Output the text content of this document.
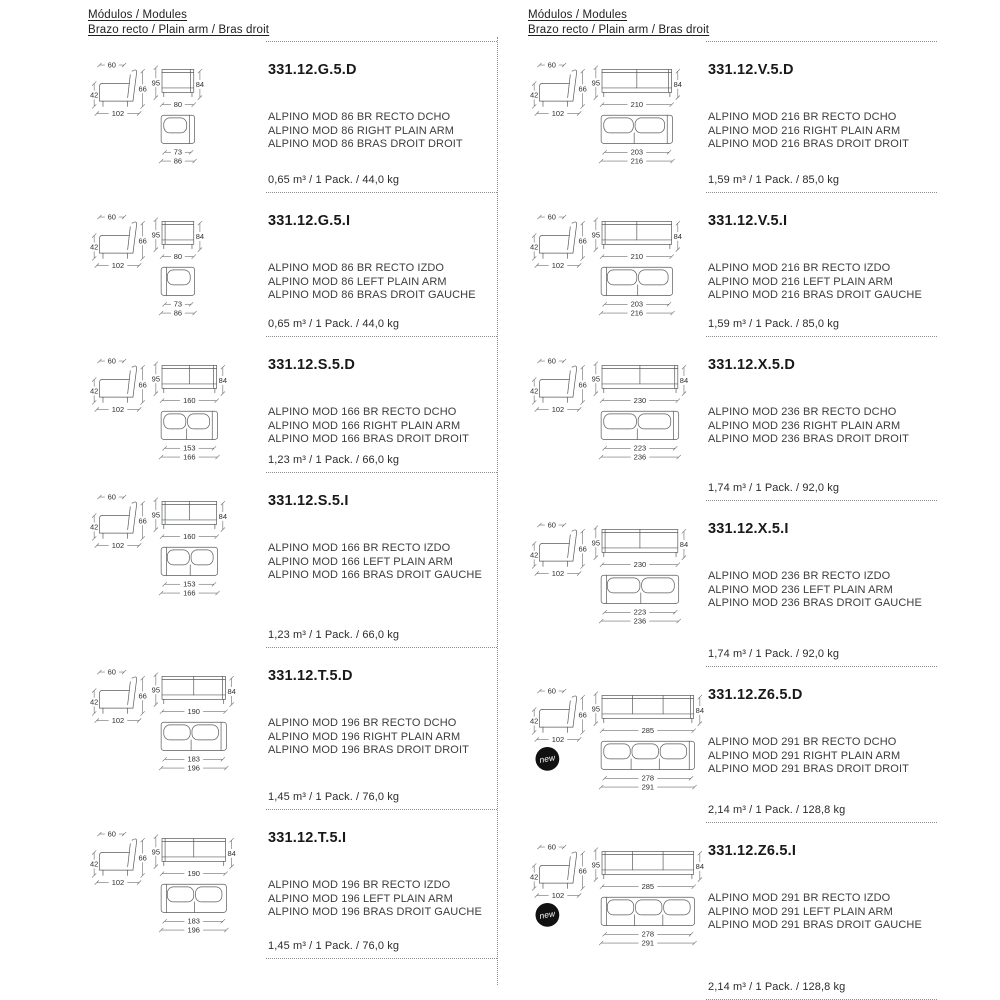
Módulos / Modules
Brazo recto / Plain arm / Bras droit
60
42
66
102
95	84
80
73
86
331.12.G.5.D
ALPINO MOD 86 BR RECTO DCHO
ALPINO MOD 86 RIGHT PLAIN ARM
ALPINO MOD 86 BRAS DROIT DROIT
0,65 m³ / 1 Pack. / 44,0 kg
60
42
66
102
95	84
80
73
86
331.12.G.5.I
ALPINO MOD 86 BR RECTO IZDO
ALPINO MOD 86 LEFT PLAIN ARM
ALPINO MOD 86 BRAS DROIT GAUCHE
0,65 m³ / 1 Pack. / 44,0 kg
60
42
66
102
95	84
160
153
166
331.12.S.5.D
ALPINO MOD 166 BR RECTO DCHO
ALPINO MOD 166 RIGHT PLAIN ARM
ALPINO MOD 166 BRAS DROIT DROIT
1,23 m³ / 1 Pack. / 66,0 kg
60
42
66
102
95	84
160
153
166
331.12.S.5.I
ALPINO MOD 166 BR RECTO IZDO
ALPINO MOD 166 LEFT PLAIN ARM
ALPINO MOD 166 BRAS DROIT GAUCHE
1,23 m³ / 1 Pack. / 66,0 kg
60
42
66
102
95	84
190
183
196
331.12.T.5.D
ALPINO MOD 196 BR RECTO DCHO
ALPINO MOD 196 RIGHT PLAIN ARM
ALPINO MOD 196 BRAS DROIT DROIT
1,45 m³ / 1 Pack. / 76,0 kg
60
42
66
102
95	84
190
183
196
331.12.T.5.I
ALPINO MOD 196 BR RECTO IZDO
ALPINO MOD 196 LEFT PLAIN ARM
ALPINO MOD 196 BRAS DROIT GAUCHE
1,45 m³ / 1 Pack. / 76,0 kg
Módulos / Modules
Brazo recto / Plain arm / Bras droit
60
42
66
102
95	84
210
203
216
331.12.V.5.D
ALPINO MOD 216 BR RECTO DCHO
ALPINO MOD 216 RIGHT PLAIN ARM
ALPINO MOD 216 BRAS DROIT DROIT
1,59 m³ / 1 Pack. / 85,0 kg
60
42
66
102
95	84
210
203
216
331.12.V.5.I
ALPINO MOD 216 BR RECTO IZDO
ALPINO MOD 216 LEFT PLAIN ARM
ALPINO MOD 216 BRAS DROIT GAUCHE
1,59 m³ / 1 Pack. / 85,0 kg
60
42
66
102
95	84
230
223
236
331.12.X.5.D
ALPINO MOD 236 BR RECTO DCHO
ALPINO MOD 236 RIGHT PLAIN ARM
ALPINO MOD 236 BRAS DROIT DROIT
1,74 m³ / 1 Pack. / 92,0 kg
60
42
66
102
95	84
230
223
236
331.12.X.5.I
ALPINO MOD 236 BR RECTO IZDO
ALPINO MOD 236 LEFT PLAIN ARM
ALPINO MOD 236 BRAS DROIT GAUCHE
1,74 m³ / 1 Pack. / 92,0 kg
60
42
66
102
95	84
285
278
291
new
331.12.Z6.5.D
ALPINO MOD 291 BR RECTO DCHO
ALPINO MOD 291 RIGHT PLAIN ARM
ALPINO MOD 291 BRAS DROIT DROIT
2,14 m³ / 1 Pack. / 128,8 kg
60
42
66
102
95	84
285
278
291
new
331.12.Z6.5.I
ALPINO MOD 291 BR RECTO IZDO
ALPINO MOD 291 LEFT PLAIN ARM
ALPINO MOD 291 BRAS DROIT GAUCHE
2,14 m³ / 1 Pack. / 128,8 kg
